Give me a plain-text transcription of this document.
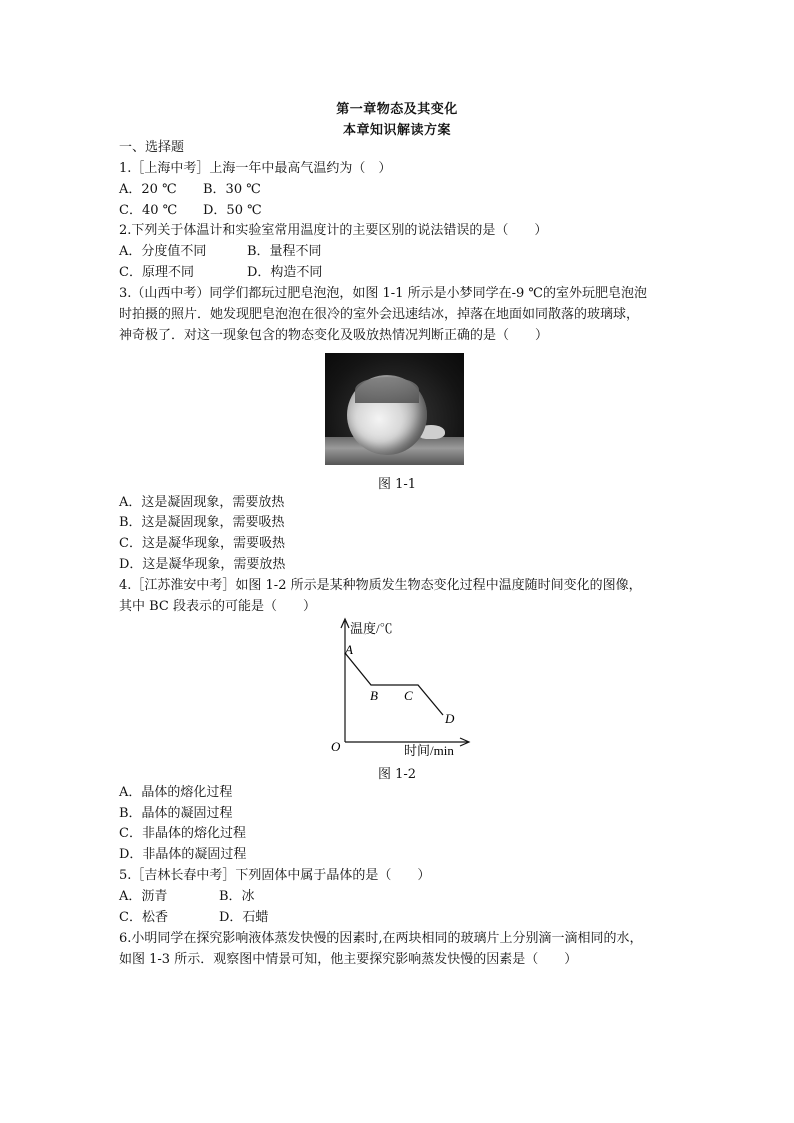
第一章物态及其变化
本章知识解读方案
一、选择题
1.［上海中考］上海一年中最高气温约为（　）
A．20 ℃ B．30 ℃
C．40 ℃ D．50 ℃
2.下列关于体温计和实验室常用温度计的主要区别的说法错误的是（　　）
A．分度值不同	B．量程不同
C．原理不同	D．构造不同
3.（山西中考）同学们都玩过肥皂泡泡，如图 1-1 所示是小梦同学在-9 ℃的室外玩肥皂泡泡
时拍摄的照片．她发现肥皂泡泡在很冷的室外会迅速结冰，掉落在地面如同散落的玻璃球，
神奇极了．对这一现象包含的物态变化及吸放热情况判断正确的是（　　）
图 1-1
A．这是凝固现象，需要放热
B．这是凝固现象，需要吸热
C．这是凝华现象，需要吸热
D．这是凝华现象，需要放热
4.［江苏淮安中考］如图 1-2 所示是某种物质发生物态变化过程中温度随时间变化的图像，
其中 BC 段表示的可能是（　　）
温度/℃
时间/min
O
A
B C
D
图 1-2
A．晶体的熔化过程
B．晶体的凝固过程
C．非晶体的熔化过程
D．非晶体的凝固过程
5.［吉林长春中考］下列固体中属于晶体的是（　　）
A．沥青	B．冰
C．松香	D．石蜡
6.小明同学在探究影响液体蒸发快慢的因素时,在两块相同的玻璃片上分别滴一滴相同的水，
如图 1-3 所示．观察图中情景可知，他主要探究影响蒸发快慢的因素是（　　）
